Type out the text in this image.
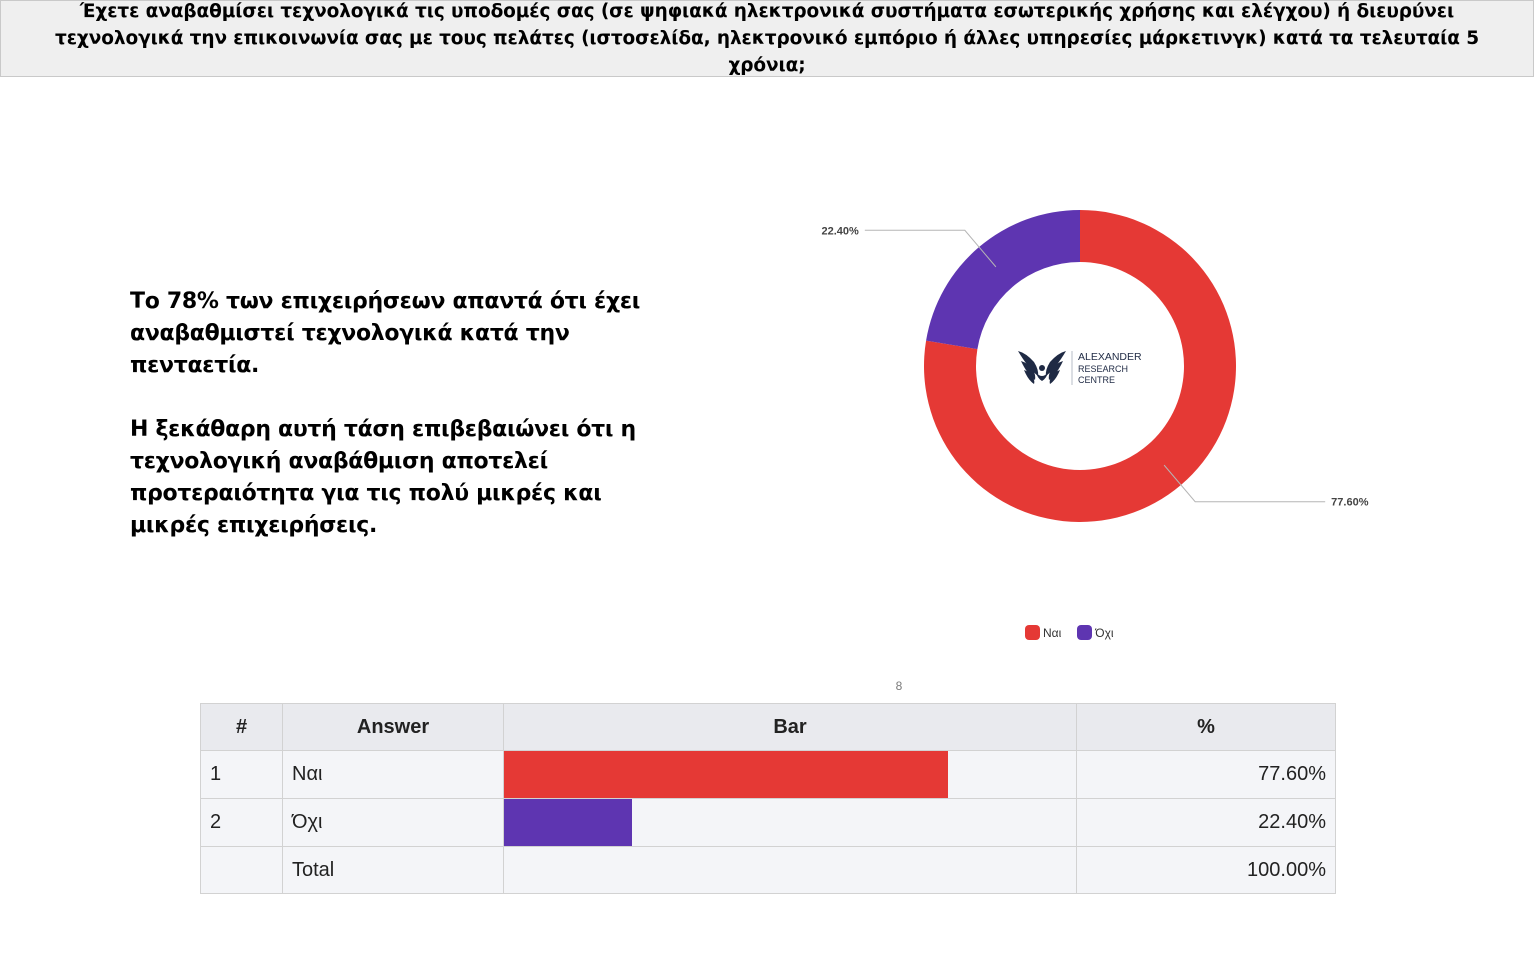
Έχετε αναβαθμίσει τεχνολογικά τις υποδομές σας (σε ψηφιακά ηλεκτρονικά συστήματα εσωτερικής χρήσης και ελέγχου) ή διευρύνει τεχνολογικά την επικοινωνία σας με τους πελάτες (ιστοσελίδα, ηλεκτρονικό εμπόριο ή άλλες υπηρεσίες μάρκετινγκ) κατά τα τελευταία 5 χρόνια;

Το 78% των επιχειρήσεων απαντά ότι έχει αναβαθμιστεί τεχνολογικά κατά την πενταετία.

Η ξεκάθαρη αυτή τάση επιβεβαιώνει ότι η τεχνολογική αναβάθμιση αποτελεί προτεραιότητα για τις πολύ μικρές και μικρές επιχειρήσεις.

77.60%
22.40%
ALEXANDER
RESEARCH
CENTRE
Ναι	Όχι
8
#	Answer	Bar	%
1	Ναι		77.60%
2	Όχι		22.40%
	Total		100.00%
